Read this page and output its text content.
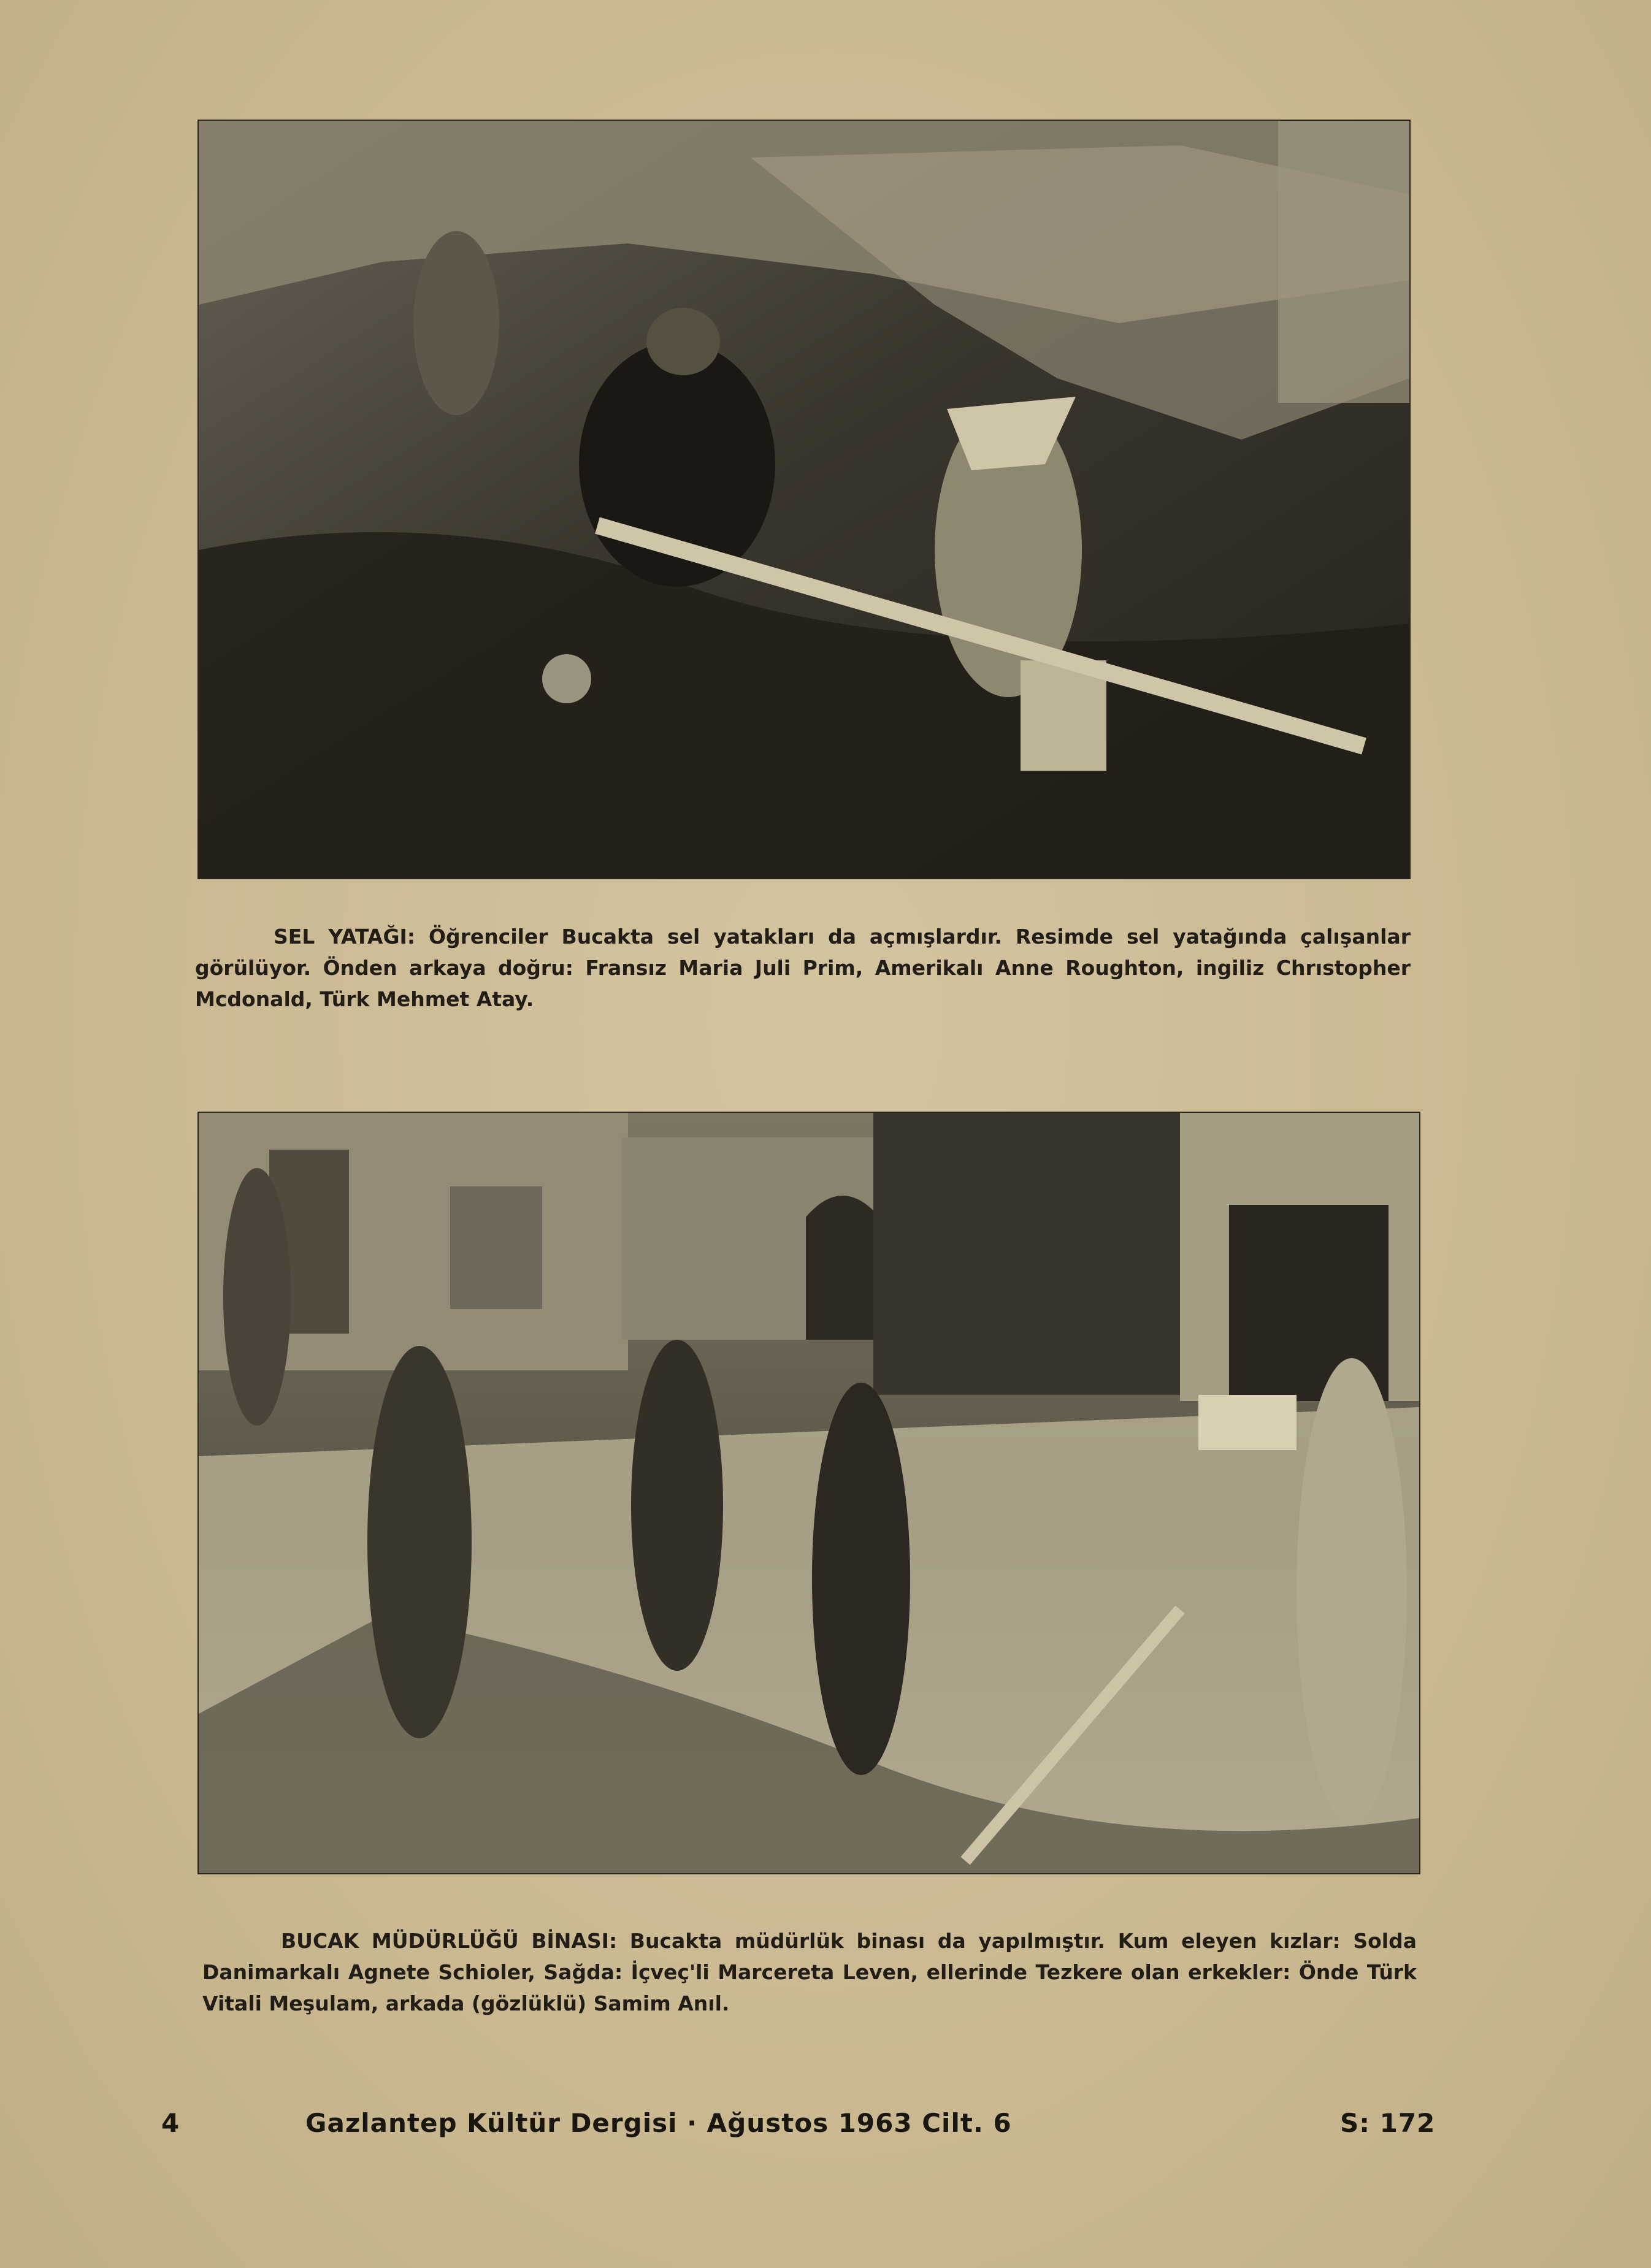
SEL YATAĞI: Öğrenciler Bucakta sel yatakları da açmışlardır. Resimde sel yatağında çalışanlar görülüyor. Önden arkaya doğru: Fransız Maria Juli Prim, Amerikalı Anne Roughton, ingiliz Chrıstopher Mcdonald, Türk Mehmet Atay.
BUCAK MÜDÜRLÜĞÜ BİNASI: Bucakta müdürlük binası da yapılmıştır. Kum eleyen kızlar: Solda Danimarkalı Agnete Schioler, Sağda: İçveç'li Marcereta Leven, ellerinde Tezkere olan erkekler: Önde Türk Vitali Meşulam, arkada (gözlüklü) Samim Anıl.
4	Gazlantep Kültür Dergisi · Ağustos 1963 Cilt. 6	S: 172
